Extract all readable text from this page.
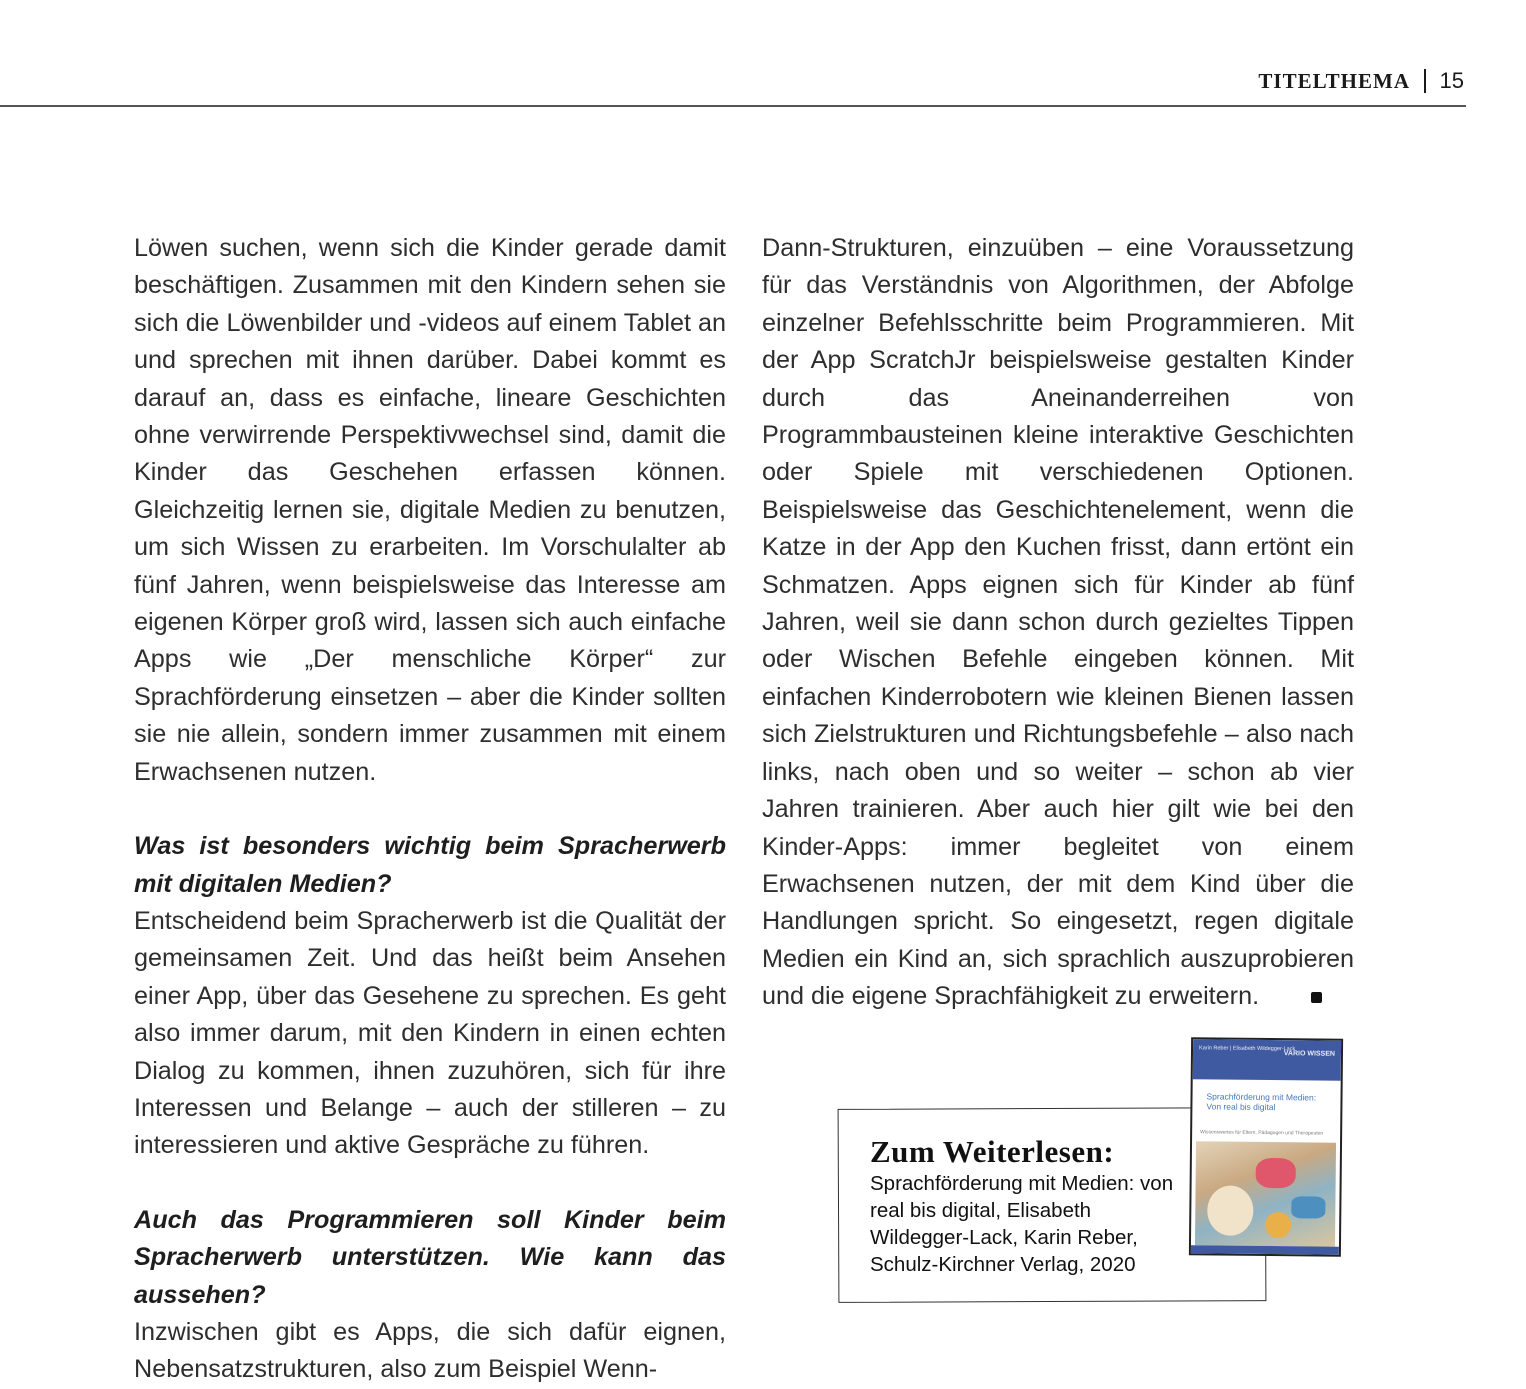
TITELTHEMA 15

Löwen suchen, wenn sich die Kinder gerade damit beschäftigen. Zusammen mit den Kindern sehen sie sich die Löwenbilder und -videos auf einem Tablet an und sprechen mit ihnen darüber. Dabei kommt es darauf an, dass es einfache, lineare Geschichten ohne verwirrende Perspektivwechsel sind, damit die Kinder das Geschehen erfassen können. Gleichzeitig lernen sie, digitale Medien zu benutzen, um sich Wissen zu erarbeiten. Im Vorschulalter ab fünf Jahren, wenn beispielsweise das Interesse am eigenen Körper groß wird, lassen sich auch einfache Apps wie „Der menschliche Körper“ zur Sprachförderung einsetzen – aber die Kinder sollten sie nie allein, sondern immer zusammen mit einem Erwachsenen nutzen.

Was ist besonders wichtig beim Spracherwerb mit digitalen Medien?

Entscheidend beim Spracherwerb ist die Qualität der gemeinsamen Zeit. Und das heißt beim Ansehen einer App, über das Gesehene zu sprechen. Es geht also immer darum, mit den Kindern in einen echten Dialog zu kommen, ihnen zuzuhören, sich für ihre Interessen und Belange – auch der stilleren – zu interessieren und aktive Gespräche zu führen.

Auch das Programmieren soll Kinder beim Spracherwerb unterstützen. Wie kann das aussehen?

Inzwischen gibt es Apps, die sich dafür eignen, Nebensatzstrukturen, also zum Beispiel Wenn-

Dann-Strukturen, einzuüben – eine Voraussetzung für das Verständnis von Algorithmen, der Abfolge einzelner Befehlsschritte beim Programmieren. Mit der App ScratchJr beispielsweise gestalten Kinder durch das Aneinanderreihen von Programmbausteinen kleine interaktive Geschichten oder Spiele mit verschiedenen Optionen. Beispielsweise das Geschichtenelement, wenn die Katze in der App den Kuchen frisst, dann ertönt ein Schmatzen. Apps eignen sich für Kinder ab fünf Jahren, weil sie dann schon durch gezieltes Tippen oder Wischen Befehle eingeben können. Mit einfachen Kinderrobotern wie kleinen Bienen lassen sich Zielstrukturen und Richtungsbefehle – also nach links, nach oben und so weiter – schon ab vier Jahren trainieren. Aber auch hier gilt wie bei den Kinder-Apps: immer begleitet von einem Erwachsenen nutzen, der mit dem Kind über die Handlungen spricht. So eingesetzt, regen digitale Medien ein Kind an, sich sprachlich auszuprobieren und die eigene Sprachfähigkeit zu erweitern.

Zum Weiterlesen:
Sprachförderung mit Medien: von real bis digital, Elisabeth Wildegger-Lack, Karin Reber, Schulz-Kirchner Verlag, 2020
Karin Reber | Elisabeth Wildegger-Lack
VARIO WISSEN
Sprachförderung mit Medien: Von real bis digital
Wissenswertes für Eltern, Pädagogen und Therapeuten
